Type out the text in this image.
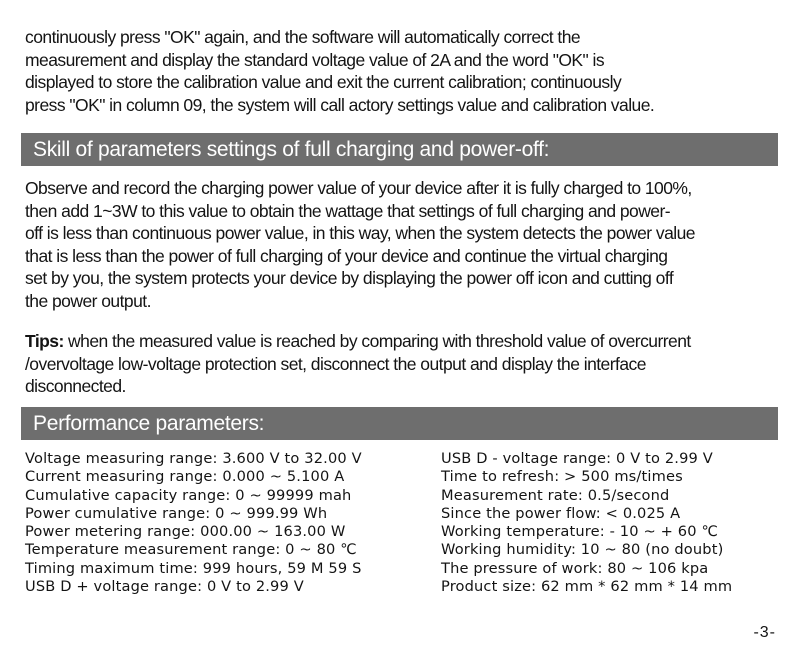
continuously press "OK" again, and the software will automatically correct the
measurement and display the standard voltage value of 2A and the word "OK" is
displayed to store the calibration value and exit the current calibration; continuously
press "OK" in column 09, the system will call actory settings value and calibration value.

Skill of parameters settings of full charging and power-off:

Observe and record the charging power value of your device after it is fully charged to 100%,
then add 1~3W to this value to obtain the wattage that settings of full charging and power-
off is less than continuous power value, in this way, when the system detects the power value
that is less than the power of full charging of your device and continue the virtual charging
set by you, the system protects your device by displaying the power off icon and cutting off
the power output.

Tips: when the measured value is reached by comparing with threshold value of overcurrent
/overvoltage low-voltage protection set, disconnect the output and display the interface
disconnected.

Performance parameters:
Voltage measuring range: 3.600 V to 32.00 V
Current measuring range: 0.000 ~ 5.100 A
Cumulative capacity range: 0 ~ 99999 mah
Power cumulative range: 0 ~ 999.99 Wh
Power metering range: 000.00 ~ 163.00 W
Temperature measurement range: 0 ~ 80 ℃
Timing maximum time: 999 hours, 59 M 59 S
USB D + voltage range: 0 V to 2.99 V
USB D - voltage range: 0 V to 2.99 V
Time to refresh: > 500 ms/times
Measurement rate: 0.5/second
Since the power flow: < 0.025 A
Working temperature: - 10 ~ + 60 ℃
Working humidity: 10 ~ 80 (no doubt)
The pressure of work: 80 ~ 106 kpa
Product size: 62 mm * 62 mm * 14 mm
-3-
